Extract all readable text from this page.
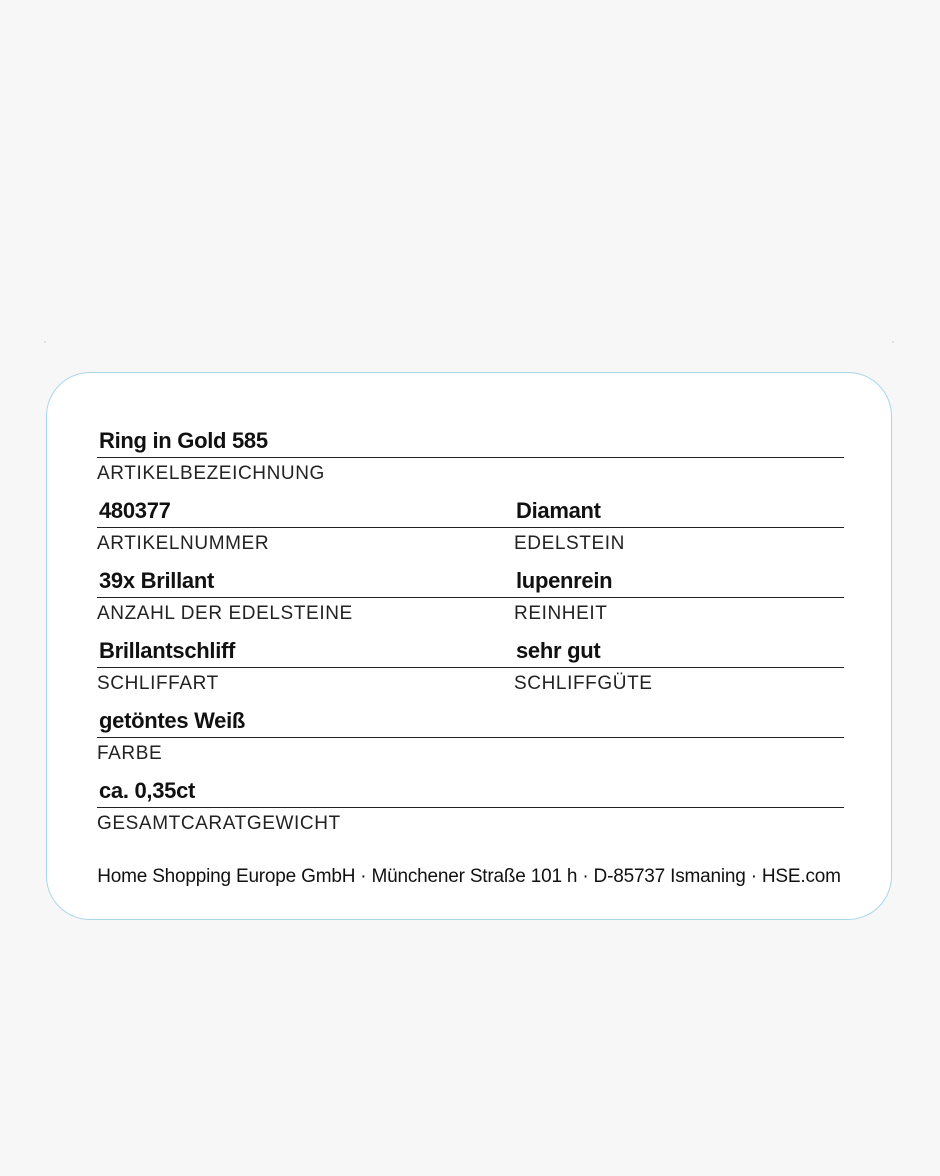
Ring in Gold 585
ARTIKELBEZEICHNUNG
480377
ARTIKELNUMMER
Diamant
EDELSTEIN
39x Brillant
ANZAHL DER EDELSTEINE
lupenrein
REINHEIT
Brillantschliff
SCHLIFFART
sehr gut
SCHLIFFGÜTE
getöntes Weiß
FARBE
ca. 0,35ct
GESAMTCARATGEWICHT
Home Shopping Europe GmbH · Münchener Straße 101 h · D-85737 Ismaning · HSE.com
